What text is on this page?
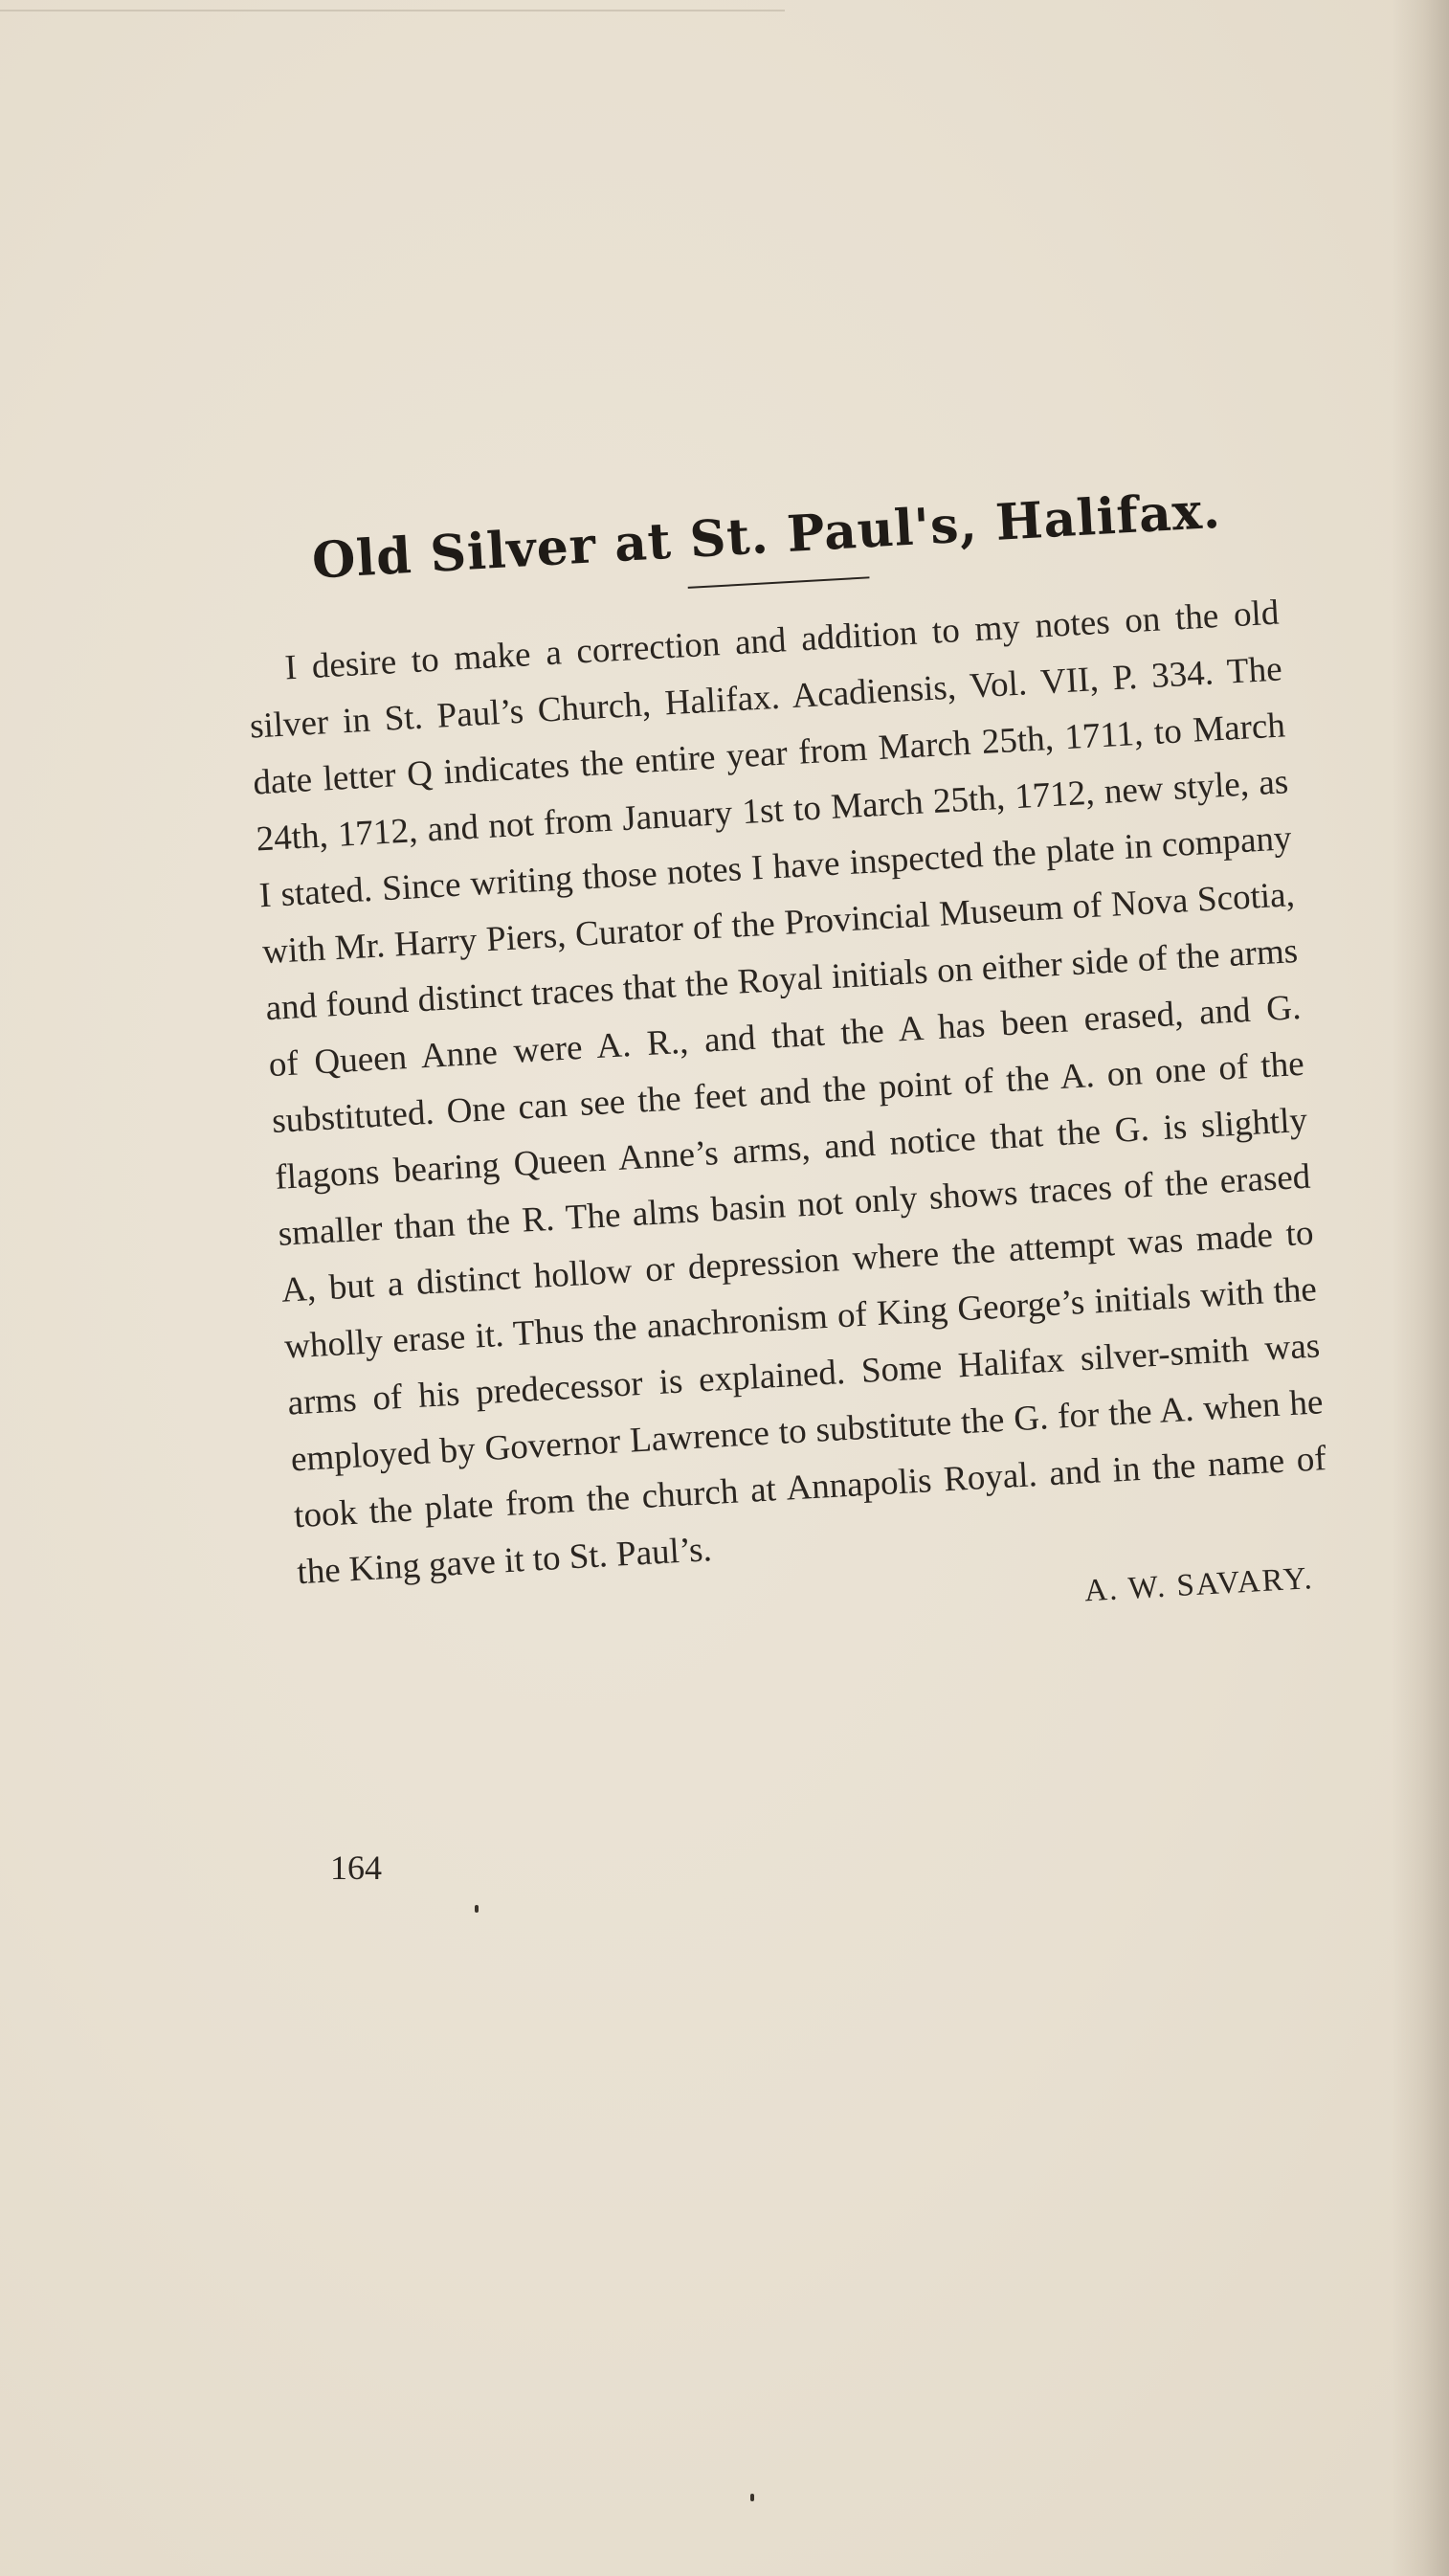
Old Silver at St. Paul's, Halifax.

I desire to make a correction and addition to my notes on the old silver in St. Paul’s Church, Halifax. Acadiensis, Vol. VII, P. 334. The date letter Q indicates the entire year from March 25th, 1711, to March 24th, 1712, and not from January 1st to March 25th, 1712, new style, as I stated. Since writing those notes I have inspected the plate in company with Mr. Harry Piers, Curator of the Provincial Museum of Nova Scotia, and found distinct traces that the Royal initials on either side of the arms of Queen Anne were A. R., and that the A has been erased, and G. substituted. One can see the feet and the point of the A. on one of the flagons bearing Queen Anne’s arms, and notice that the G. is slightly smaller than the R. The alms basin not only shows traces of the erased A, but a distinct hollow or depression where the attempt was made to wholly erase it. Thus the anachronism of King George’s initials with the arms of his predecessor is explained. Some Halifax silver-smith was employed by Governor Lawrence to substitute the G. for the A. when he took the plate from the church at Annapolis Royal. and in the name of the King gave it to St. Paul’s.	A. W. SAVARY.
164
